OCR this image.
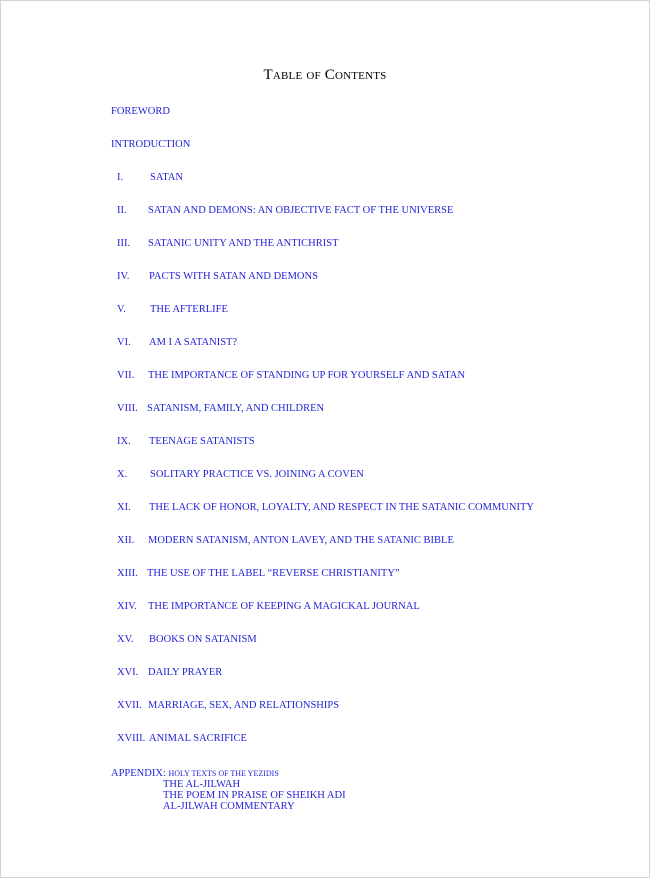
Table of Contents
FOREWORD
INTRODUCTION
I.	SATAN
II. SATAN AND DEMONS: AN OBJECTIVE FACT OF THE UNIVERSE
III. SATANIC UNITY AND THE ANTICHRIST
IV. PACTS WITH SATAN AND DEMONS
V. THE AFTERLIFE
VI. AM I A SATANIST?
VII. THE IMPORTANCE OF STANDING UP FOR YOURSELF AND SATAN
VIII. SATANISM, FAMILY, AND CHILDREN
IX. TEENAGE SATANISTS
X. SOLITARY PRACTICE VS. JOINING A COVEN
XI. THE LACK OF HONOR, LOYALTY, AND RESPECT IN THE SATANIC COMMUNITY
XII. MODERN SATANISM, ANTON LAVEY, AND THE SATANIC BIBLE
XIII. THE USE OF THE LABEL “REVERSE CHRISTIANITY”
XIV. THE IMPORTANCE OF KEEPING A MAGICKAL JOURNAL
XV. BOOKS ON SATANISM
XVI. DAILY PRAYER
XVII. MARRIAGE, SEX, AND RELATIONSHIPS
XVIII. ANIMAL SACRIFICE
APPENDIX: HOLY TEXTS OF THE YEZIDIS
THE AL-JILWAH
THE POEM IN PRAISE OF SHEIKH ADI
AL-JILWAH COMMENTARY
